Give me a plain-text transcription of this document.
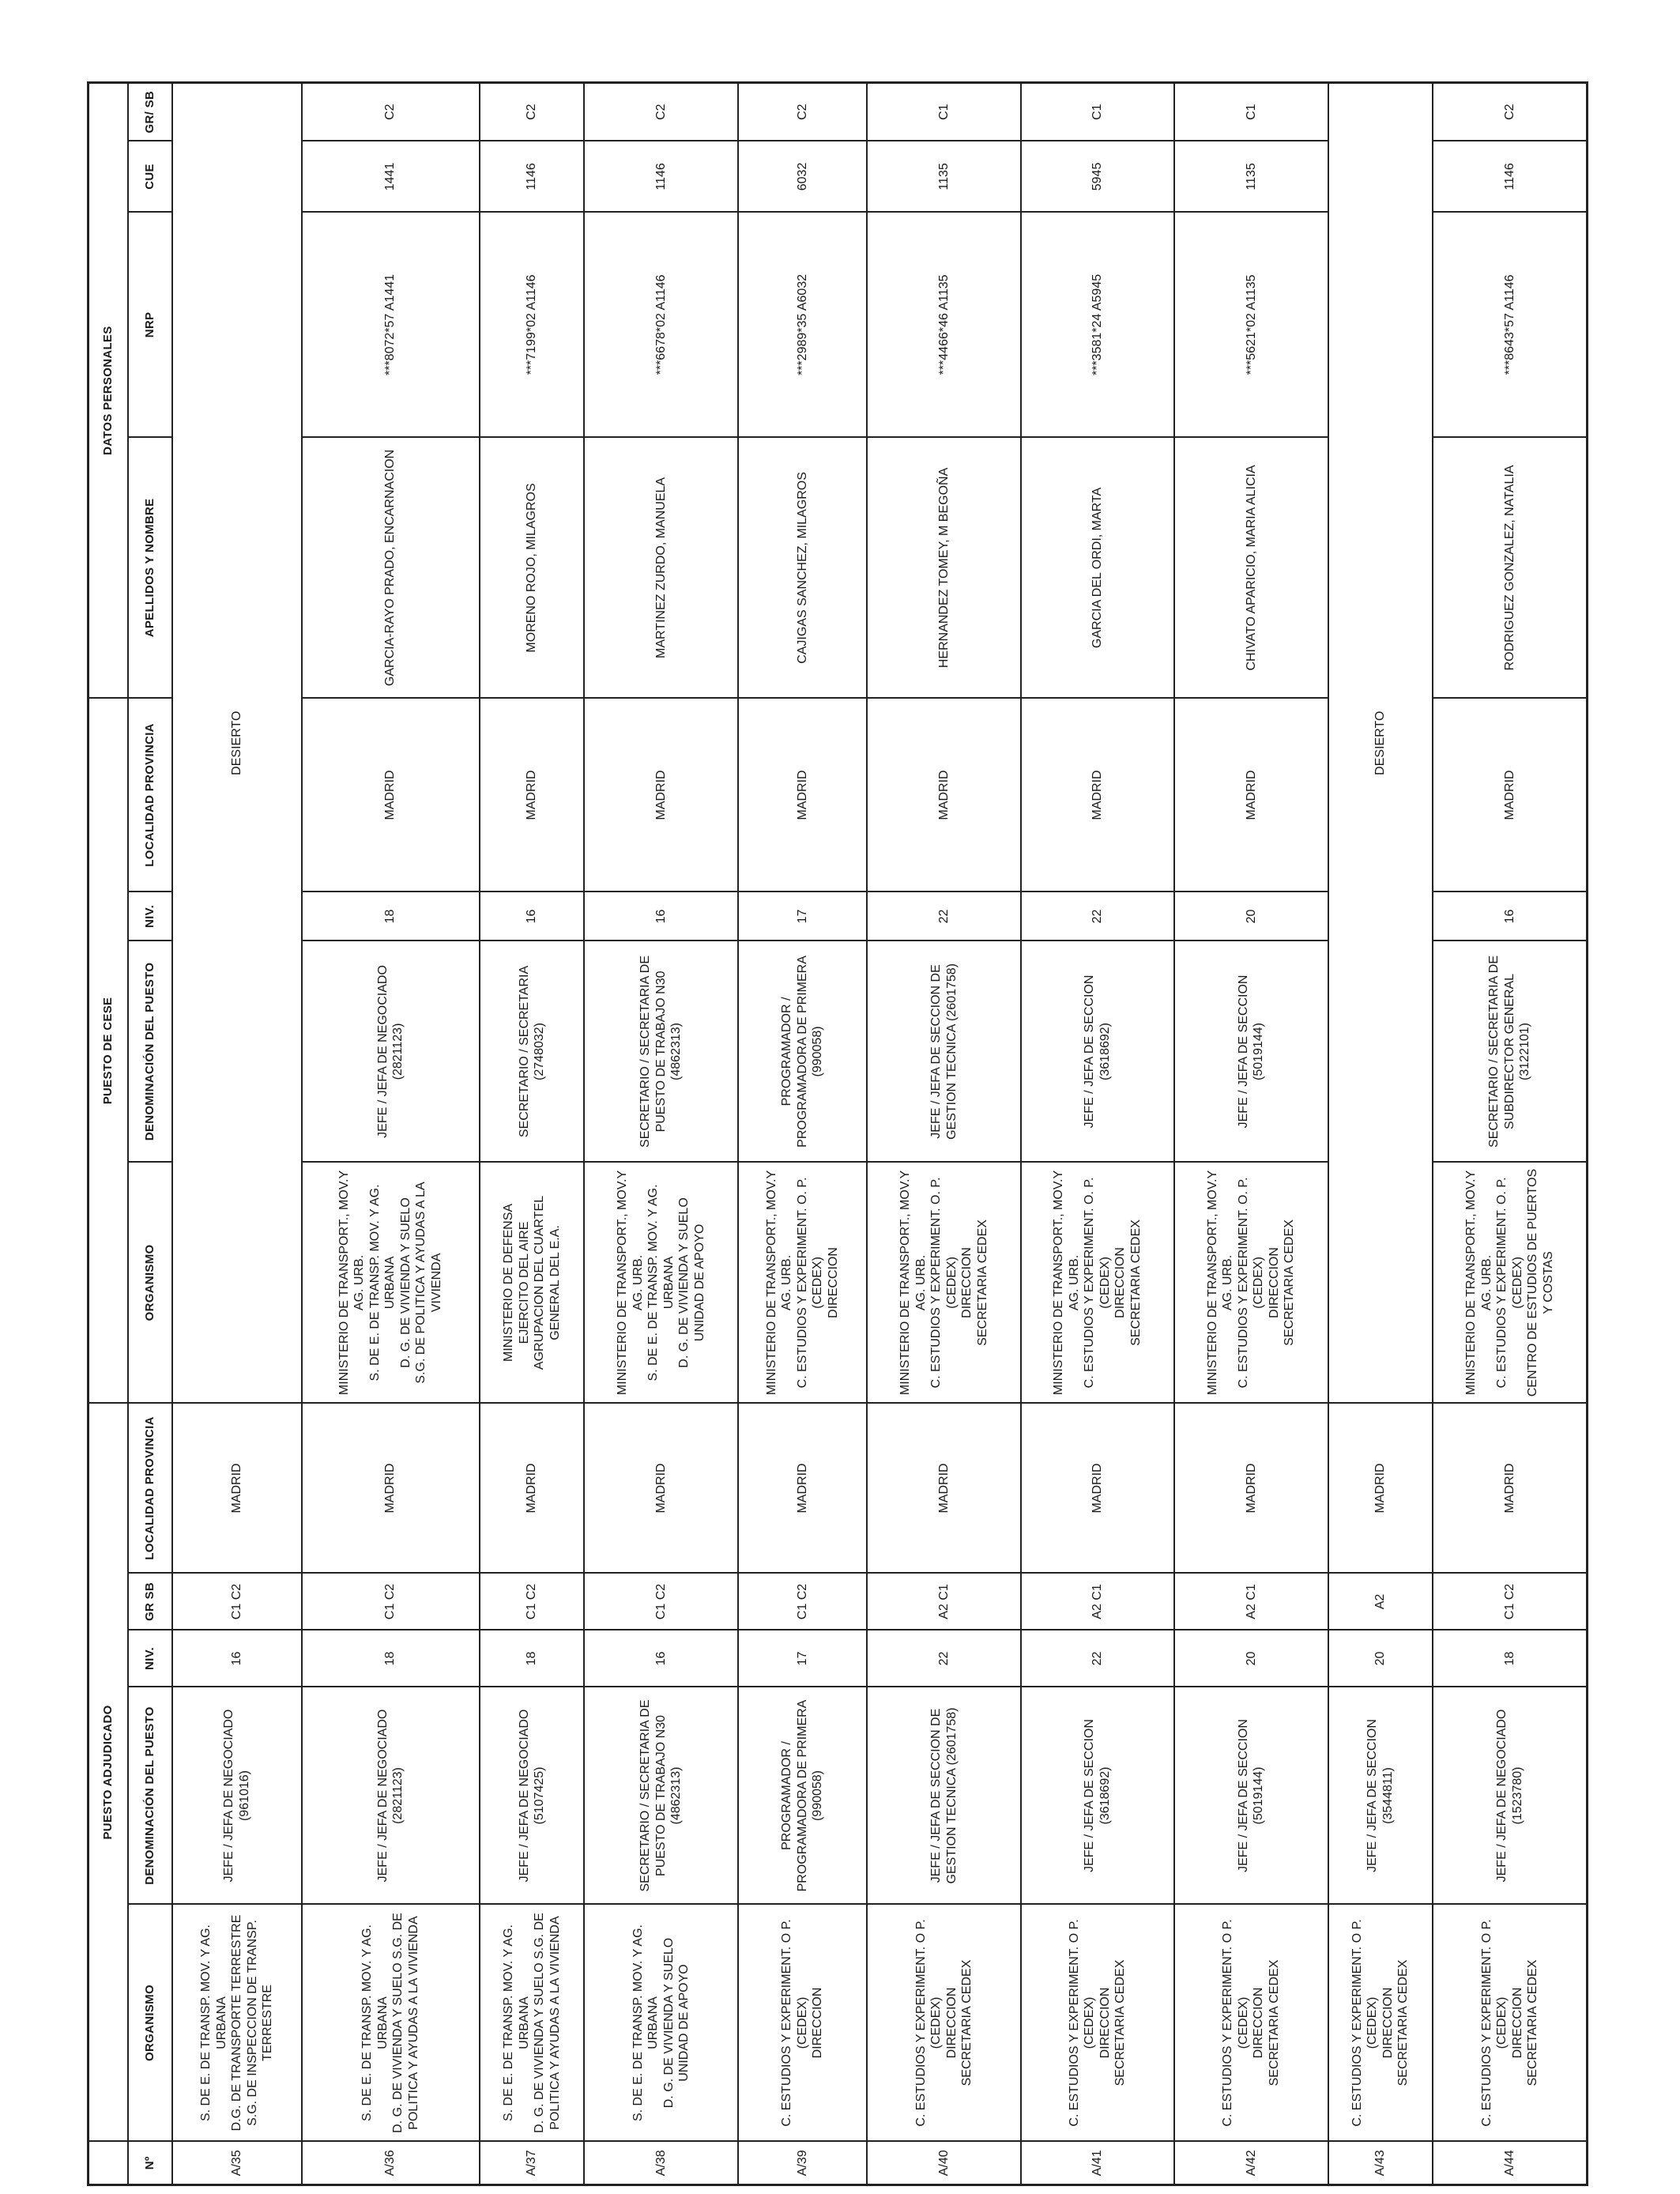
	PUESTO ADJUDICADO					PUESTO DE CESE				DATOS PERSONALES			
Nº	ORGANISMO	DENOMINACIÓN DEL PUESTO	NIV.	GR SB	LOCALIDAD PROVINCIA	ORGANISMO	DENOMINACIÓN DEL PUESTO	NIV.	LOCALIDAD PROVINCIA	APELLIDOS Y NOMBRE	NRP	CUE	GR/ SB
A/35	S. DE E. DE TRANSP. MOV. Y AG. URBANA
D.G. DE TRANSPORTE TERRESTRE
S.G. DE INSPECCION DE TRANSP. TERRESTRE	JEFE / JEFA DE NEGOCIADO (961016)	16	C1 C2	MADRID	DESIERTO							
A/36	S. DE E. DE TRANSP. MOV. Y AG. URBANA
D. G. DE VIVIENDA Y SUELO S.G. DE POLITICA Y AYUDAS A LA VIVIENDA	JEFE / JEFA DE NEGOCIADO (2821123)	18	C1 C2	MADRID	MINISTERIO DE TRANSPORT., MOV.Y AG. URB.
S. DE E. DE TRANSP. MOV. Y AG. URBANA
D. G. DE VIVIENDA Y SUELO
S.G. DE POLITICA Y AYUDAS A LA VIVIENDA	JEFE / JEFA DE NEGOCIADO (2821123)	18	MADRID	GARCIA-RAYO PRADO, ENCARNACION	***8072*57 A1441	1441	C2
A/37	S. DE E. DE TRANSP. MOV. Y AG. URBANA
D. G. DE VIVIENDA Y SUELO S.G. DE POLITICA Y AYUDAS A LA VIVIENDA	JEFE / JEFA DE NEGOCIADO (5107425)	18	C1 C2	MADRID	MINISTERIO DE DEFENSA
EJERCITO DEL AIRE
AGRUPACION DEL CUARTEL GENERAL DEL E.A.	SECRETARIO / SECRETARIA (2748032)	16	MADRID	MORENO ROJO, MILAGROS	***7199*02 A1146	1146	C2
A/38	S. DE E. DE TRANSP. MOV. Y AG. URBANA
D. G. DE VIVIENDA Y SUELO
UNIDAD DE APOYO	SECRETARIO / SECRETARIA DE PUESTO DE TRABAJO N30 (4862313)	16	C1 C2	MADRID	MINISTERIO DE TRANSPORT., MOV.Y AG. URB.
S. DE E. DE TRANSP. MOV. Y AG. URBANA
D. G. DE VIVIENDA Y SUELO
UNIDAD DE APOYO	SECRETARIO / SECRETARIA DE PUESTO DE TRABAJO N30 (4862313)	16	MADRID	MARTINEZ ZURDO, MANUELA	***6678*02 A1146	1146	C2
A/39	C. ESTUDIOS Y EXPERIMENT. O P.(CEDEX)
DIRECCION	PROGRAMADOR / PROGRAMADORA DE PRIMERA (990058)	17	C1 C2	MADRID	MINISTERIO DE TRANSPORT., MOV.Y AG. URB.
C. ESTUDIOS Y EXPERIMENT. O. P.(CEDEX)
DIRECCION	PROGRAMADOR / PROGRAMADORA DE PRIMERA (990058)	17	MADRID	CAJIGAS SANCHEZ, MILAGROS	***2989*35 A6032	6032	C2
A/40	C. ESTUDIOS Y EXPERIMENT. O P.(CEDEX)
DIRECCION
SECRETARIA CEDEX	JEFE / JEFA DE SECCION DE GESTION TECNICA (2601758)	22	A2 C1	MADRID	MINISTERIO DE TRANSPORT., MOV.Y AG. URB.
C. ESTUDIOS Y EXPERIMENT. O. P.(CEDEX)
DIRECCION
SECRETARIA CEDEX	JEFE / JEFA DE SECCION DE GESTION TECNICA (2601758)	22	MADRID	HERNANDEZ TOMEY, M BEGOÑA	***4466*46 A1135	1135	C1
A/41	C. ESTUDIOS Y EXPERIMENT. O P.(CEDEX)
DIRECCION
SECRETARIA CEDEX	JEFE / JEFA DE SECCION (3618692)	22	A2 C1	MADRID	MINISTERIO DE TRANSPORT., MOV.Y AG. URB.
C. ESTUDIOS Y EXPERIMENT. O. P.(CEDEX)
DIRECCION
SECRETARIA CEDEX	JEFE / JEFA DE SECCION (3618692)	22	MADRID	GARCIA DEL ORDI, MARTA	***3581*24 A5945	5945	C1
A/42	C. ESTUDIOS Y EXPERIMENT. O P.(CEDEX)
DIRECCION
SECRETARIA CEDEX	JEFE / JEFA DE SECCION (5019144)	20	A2 C1	MADRID	MINISTERIO DE TRANSPORT., MOV.Y AG. URB.
C. ESTUDIOS Y EXPERIMENT. O. P.(CEDEX)
DIRECCION
SECRETARIA CEDEX	JEFE / JEFA DE SECCION (5019144)	20	MADRID	CHIVATO APARICIO, MARIA ALICIA	***5621*02 A1135	1135	C1
A/43	C. ESTUDIOS Y EXPERIMENT. O P.(CEDEX)
DIRECCION
SECRETARIA CEDEX	JEFE / JEFA DE SECCION (3544811)	20	A2	MADRID	DESIERTO							
A/44	C. ESTUDIOS Y EXPERIMENT. O P.(CEDEX)
DIRECCION
SECRETARIA CEDEX	JEFE / JEFA DE NEGOCIADO (1523780)	18	C1 C2	MADRID	MINISTERIO DE TRANSPORT., MOV.Y AG. URB.
C. ESTUDIOS Y EXPERIMENT. O. P.(CEDEX)
CENTRO DE ESTUDIOS DE PUERTOS Y COSTAS	SECRETARIO / SECRETARIA DE SUBDIRECTOR GENERAL (3122101)	16	MADRID	RODRIGUEZ GONZALEZ, NATALIA	***8643*57 A1146	1146	C2
